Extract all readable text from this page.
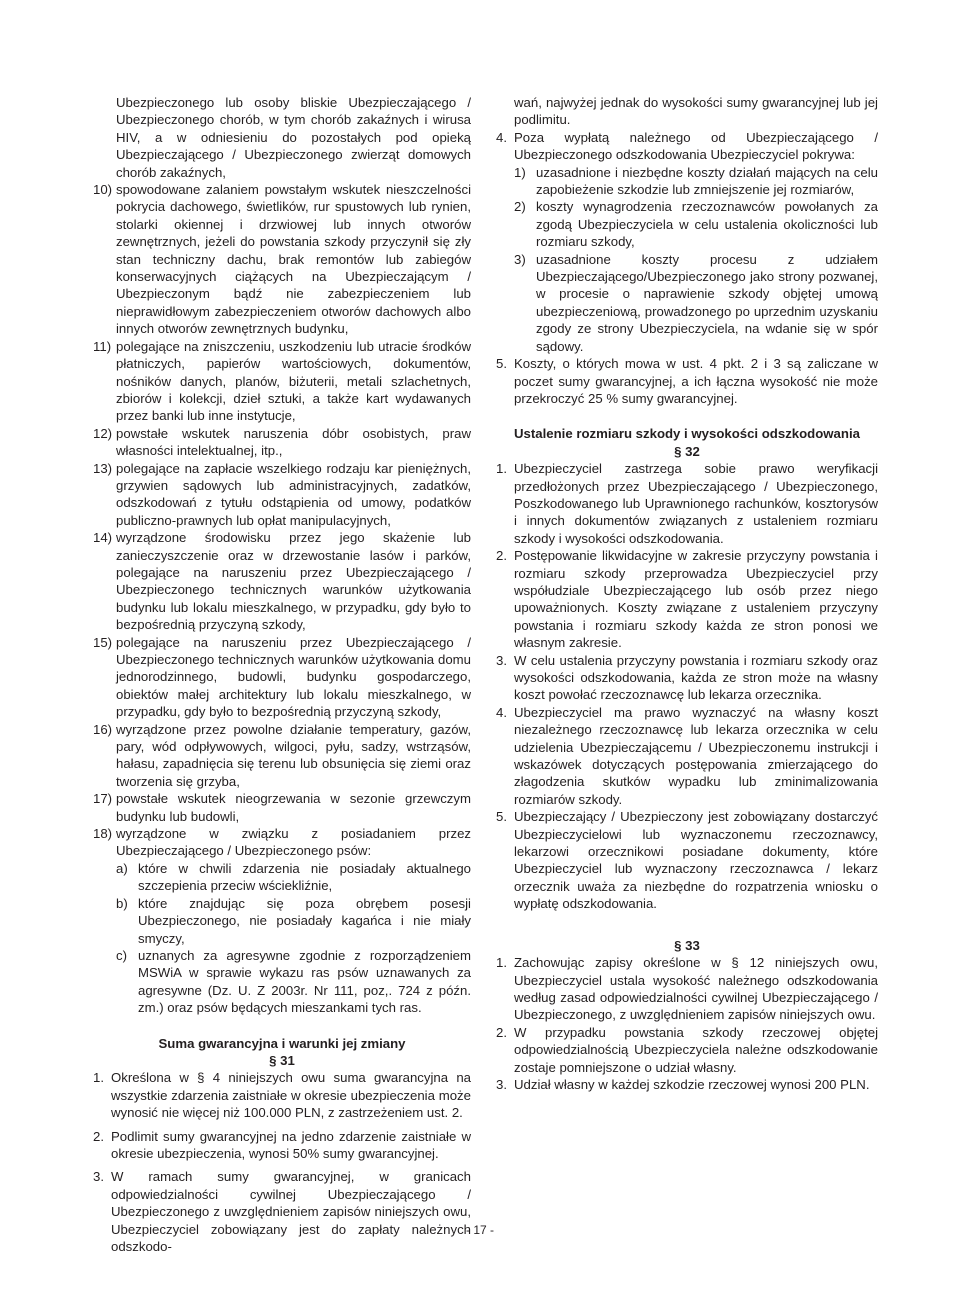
Ubezpieczonego lub osoby bliskie Ubezpieczającego / Ubezpieczonego chorób, w tym chorób zakaźnych i wirusa HIV, a w odniesieniu do pozostałych pod opieką Ubezpieczającego / Ubezpieczonego zwierząt domowych chorób zakaźnych,

10) spowodowane zalaniem powstałym wskutek nieszczelności pokrycia dachowego, świetlików, rur spustowych lub rynien, stolarki okiennej i drzwiowej lub innych otworów zewnętrznych, jeżeli do powstania szkody przyczynił się zły stan techniczny dachu, brak remontów lub zabiegów konserwacyjnych ciążących na Ubezpieczającym / Ubezpieczonym bądź nie zabezpieczeniem lub nieprawidłowym zabezpieczeniem otworów dachowych albo innych otworów zewnętrznych budynku,
11) polegające na zniszczeniu, uszkodzeniu lub utracie środków płatniczych, papierów wartościowych, dokumentów, nośników danych, planów, biżuterii, metali szlachetnych, zbiorów i kolekcji, dzieł sztuki, a także kart wydawanych przez banki lub inne instytucje,
12) powstałe wskutek naruszenia dóbr osobistych, praw własności intelektualnej, itp.,
13) polegające na zapłacie wszelkiego rodzaju kar pieniężnych, grzywien sądowych lub administracyjnych, zadatków, odszkodowań z tytułu odstąpienia od umowy, podatków publiczno-prawnych lub opłat manipulacyjnych,
14) wyrządzone środowisku przez jego skażenie lub zanieczyszczenie oraz w drzewostanie lasów i parków, polegające na naruszeniu przez Ubezpieczającego / Ubezpieczonego technicznych warunków użytkowania budynku lub lokalu mieszkalnego, w przypadku, gdy było to bezpośrednią przyczyną szkody,
15) polegające na naruszeniu przez Ubezpieczającego / Ubezpieczonego technicznych warunków użytkowania domu jednorodzinnego, budowli, budynku gospodarczego, obiektów małej architektury lub lokalu mieszkalnego, w przypadku, gdy było to bezpośrednią przyczyną szkody,
16) wyrządzone przez powolne działanie temperatury, gazów, pary, wód odpływowych, wilgoci, pyłu, sadzy, wstrząsów, hałasu, zapadnięcia się terenu lub obsunięcia się ziemi oraz tworzenia się grzyba,
17) powstałe wskutek nieogrzewania w sezonie grzewczym budynku lub budowli,
18) wyrządzone w związku z posiadaniem przez Ubezpieczającego / Ubezpieczonego psów:
a) które w chwili zdarzenia nie posiadały aktualnego szczepienia przeciw wściekliźnie,
b) które znajdując się poza obrębem posesji Ubezpieczonego, nie posiadały kagańca i nie miały smyczy,
c) uznanych za agresywne zgodnie z rozporządzeniem MSWiA w sprawie wykazu ras psów uznawanych za agresywne (Dz. U. Z 2003r. Nr 111, poz,. 724 z późn. zm.) oraz psów będących mieszankami tych ras.
Suma gwarancyjna i warunki jej zmiany
§ 31
1. Określona w § 4 niniejszych owu suma gwarancyjna na wszystkie zdarzenia zaistniałe w okresie ubezpieczenia może wynosić nie więcej niż 100.000 PLN, z zastrzeżeniem ust. 2.
2. Podlimit sumy gwarancyjnej na jedno zdarzenie zaistniałe w okresie ubezpieczenia, wynosi 50% sumy gwarancyjnej.
3. W ramach sumy gwarancyjnej, w granicach odpowiedzialności cywilnej Ubezpieczającego / Ubezpieczonego z uwzględnieniem zapisów niniejszych owu, Ubezpieczyciel zobowiązany jest do zapłaty należnych odszkodo-

wań, najwyżej jednak do wysokości sumy gwarancyjnej lub jej podlimitu.

4. Poza wypłatą należnego od Ubezpieczającego / Ubezpieczonego odszkodowania Ubezpieczyciel pokrywa:
1) uzasadnione i niezbędne koszty działań mających na celu zapobieżenie szkodzie lub zmniejszenie jej rozmiarów,
2) koszty wynagrodzenia rzeczoznawców powołanych za zgodą Ubezpieczyciela w celu ustalenia okoliczności lub rozmiaru szkody,
3) uzasadnione koszty procesu z udziałem Ubezpieczającego/Ubezpieczonego jako strony pozwanej, w procesie o naprawienie szkody objętej umową ubezpieczeniową, prowadzonego po uprzednim uzyskaniu zgody ze strony Ubezpieczyciela, na wdanie się w spór sądowy.
5. Koszty, o których mowa w ust. 4 pkt. 2 i 3 są zaliczane w poczet sumy gwarancyjnej, a ich łączna wysokość nie może przekroczyć 25 % sumy gwarancyjnej.
Ustalenie rozmiaru szkody i wysokości odszkodowania
§ 32
1. Ubezpieczyciel zastrzega sobie prawo weryfikacji przedłożonych przez Ubezpieczającego / Ubezpieczonego, Poszkodowanego lub Uprawnionego rachunków, kosztorysów i innych dokumentów związanych z ustaleniem rozmiaru szkody i wysokości odszkodowania.
2. Postępowanie likwidacyjne w zakresie przyczyny powstania i rozmiaru szkody przeprowadza Ubezpieczyciel przy współudziale Ubezpieczającego lub osób przez niego upoważnionych. Koszty związane z ustaleniem przyczyny powstania i rozmiaru szkody każda ze stron ponosi we własnym zakresie.
3. W celu ustalenia przyczyny powstania i rozmiaru szkody oraz wysokości odszkodowania, każda ze stron może na własny koszt powołać rzeczoznawcę lub lekarza orzecznika.
4. Ubezpieczyciel ma prawo wyznaczyć na własny koszt niezależnego rzeczoznawcę lub lekarza orzecznika w celu udzielenia Ubezpieczającemu / Ubezpieczonemu instrukcji i wskazówek dotyczących postępowania zmierzającego do złagodzenia skutków wypadku lub zminimalizowania rozmiarów szkody.
5. Ubezpieczający / Ubezpieczony jest zobowiązany dostarczyć Ubezpieczycielowi lub wyznaczonemu rzeczoznawcy, lekarzowi orzecznikowi posiadane dokumenty, które Ubezpieczyciel lub wyznaczony rzeczoznawca / lekarz orzecznik uważa za niezbędne do rozpatrzenia wniosku o wypłatę odszkodowania.
§ 33
1. Zachowując zapisy określone w § 12 niniejszych owu, Ubezpieczyciel ustala wysokość należnego odszkodowania według zasad odpowiedzialności cywilnej Ubezpieczającego / Ubezpieczonego, z uwzględnieniem zapisów niniejszych owu.
2. W przypadku powstania szkody rzeczowej objętej odpowiedzialnością Ubezpieczyciela należne odszkodowanie zostaje pomniejszone o udział własny.
3. Udział własny w każdej szkodzie rzeczowej wynosi 200 PLN.
- 17 -
